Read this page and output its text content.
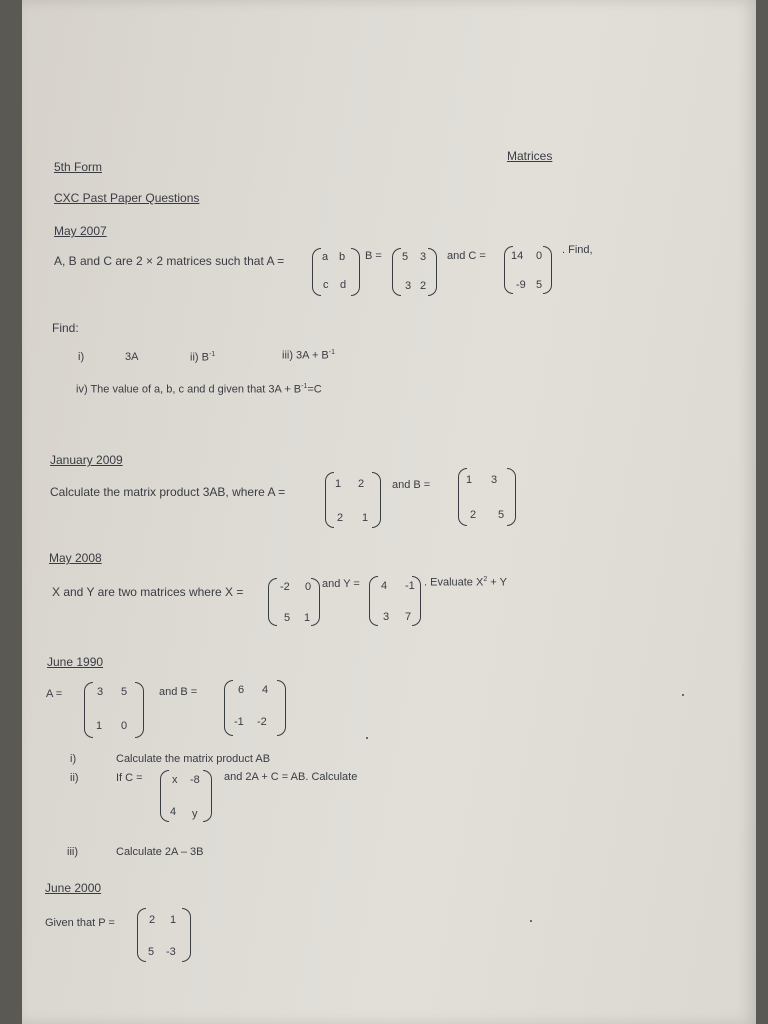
5th Form
Matrices
CXC Past Paper Questions
May 2007
A, B and C are 2 × 2 matrices such that A =	a b
c d
B = 5 3
3 2
and C = 14 0
-9 5
. Find,
Find:
i)	3A	ii) $B^{-1}$	iii) $3A + B^{-1}$
iv) The value of a, b, c and d given that $3A + B^{-1}=C$
January 2009
Calculate the matrix product 3AB, where A =
1 2
2 1
and B =	1 3
2 5
May 2008
X and Y are two matrices where X =	-2 0
5 1
and Y = 4 -1
3 7
. Evaluate $X^2 + Y$
June 1990
A =	3 5
1 0
and B =	6 4
-1 -2
i)	Calculate the matrix product AB
ii)	If C =	x -8
4 y
and 2A + C = AB. Calculate
iii)	Calculate 2A – 3B
June 2000
Given that P =	2 1
5 -3
